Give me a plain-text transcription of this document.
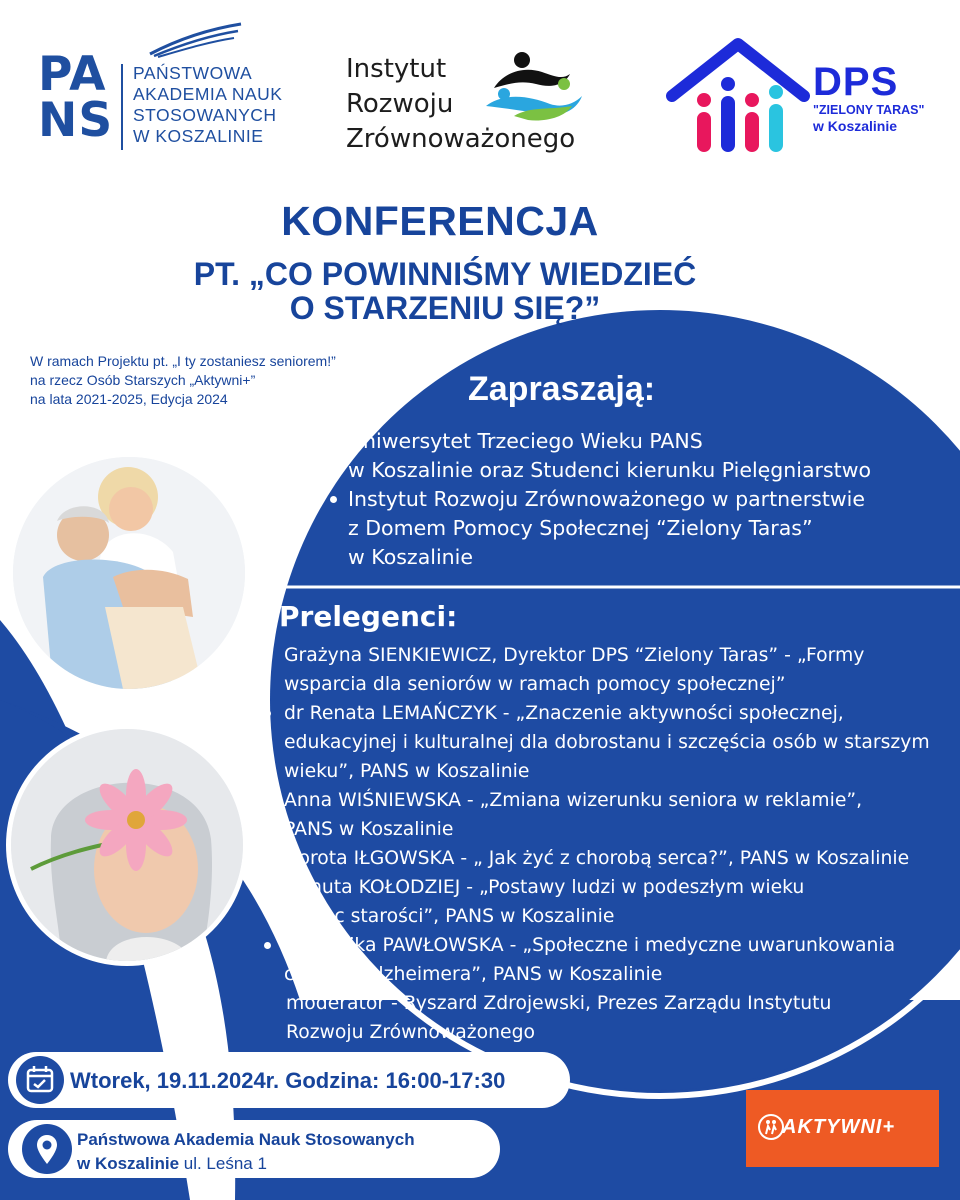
PA
NS
PAŃSTWOWA
AKADEMIA NAUK
STOSOWANYCH
W KOSZALINIE
Instytut
Rozwoju
Zrównoważonego
DPS
"ZIELONY TARAS"
w Koszalinie
KONFERENCJA
PT. „CO POWINNIŚMY WIEDZIEĆ
O STARZENIU SIĘ?”
W ramach Projektu pt. „I ty zostaniesz seniorem!”
na rzecz Osób Starszych „Aktywni+”
na lata 2021-2025, Edycja 2024	Zapraszają:
Uniwersytet Trzeciego Wieku PANS
w Koszalinie oraz Studenci kierunku Pielęgniarstwo
Instytut Rozwoju Zrównoważonego w partnerstwie
z Domem Pomocy Społecznej “Zielony Taras”
w Koszalinie
Prelegenci:
Grażyna SIENKIEWICZ, Dyrektor DPS “Zielony Taras” - „Formy
wsparcia dla seniorów w ramach pomocy społecznej”
dr Renata LEMAŃCZYK - „Znaczenie aktywności społecznej,
edukacyjnej i kulturalnej dla dobrostanu i szczęścia osób w starszym
wieku”, PANS w Koszalinie
Anna WIŚNIEWSKA - „Zmiana wizerunku seniora w reklamie”,
PANS w Koszalinie
Dorota IŁGOWSKA - „ Jak żyć z chorobą serca?”, PANS w Koszalinie
Danuta KOŁODZIEJ - „Postawy ludzi w podeszłym wieku
wobec starości”, PANS w Koszalinie
dr Monika PAWŁOWSKA - „Społeczne i medyczne uwarunkowania
choroby Alzheimera”, PANS w Koszalinie
moderator - Ryszard Zdrojewski, Prezes Zarządu Instytutu
Rozwoju Zrównoważonego
Wtorek, 19.11.2024r. Godzina: 16:00-17:30
Państwowa Akademia Nauk Stosowanych
w Koszalinie ul. Leśna 1
AKTYWNI+
